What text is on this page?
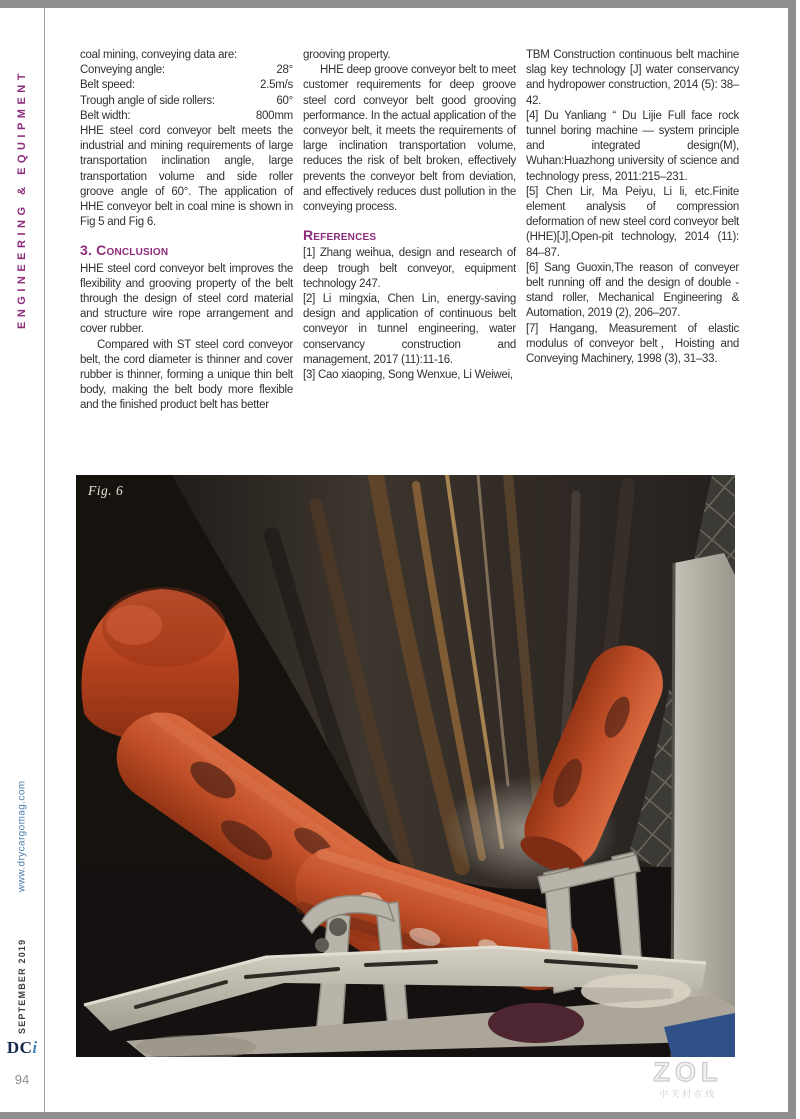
ENGINEERING & EQUIPMENT
www.drycargomag.com
SEPTEMBER 2019
DCi
94

coal mining, conveying data are:

Conveying angle:	28°
Belt speed:	2.5m/s
Trough angle of side rollers:	60°
Belt width:	800mm

HHE steel cord conveyor belt meets the industrial and mining requirements of large transportation inclination angle, large transportation volume and side roller groove angle of 60°. The application of HHE conveyor belt in coal mine is shown in Fig 5 and Fig 6.

3. Conclusion

HHE steel cord conveyor belt improves the flexibility and grooving property of the belt through the design of steel cord material and structure wire rope arrangement and cover rubber.

Compared with ST steel cord conveyor belt, the cord diameter is thinner and cover rubber is thinner, forming a unique thin belt body, making the belt body more flexible and the finished product belt has better

grooving property.

HHE deep groove conveyor belt to meet customer requirements for deep groove steel cord conveyor belt good grooving performance. In the actual application of the conveyor belt, it meets the requirements of large inclination transportation volume, reduces the risk of belt broken, effectively prevents the conveyor belt from deviation, and effectively reduces dust pollution in the conveying process.

References

[1] Zhang weihua, design and research of deep trough belt conveyor, equipment technology 247.

[2] Li mingxia, Chen Lin, energy-saving design and application of continuous belt conveyor in tunnel engineering, water conservancy construction and management, 2017 (11):11-16.

[3] Cao xiaoping, Song Wenxue, Li Weiwei,

TBM Construction continuous belt machine slag key technology [J] water conservancy and hydropower construction, 2014 (5): 38–42.

[4] Du Yanliang “ Du Lijie Full face rock tunnel boring machine — system principle and integrated design(M), Wuhan:Huazhong university of science and technology press, 2011:215–231.

[5] Chen Lir, Ma Peiyu, Li li, etc.Finite element analysis of compression deformation of new steel cord conveyor belt (HHE)[J],Open-pit technology, 2014 (11): 84–87.

[6] Sang Guoxin,The reason of conveyer belt running off and the design of double - stand roller, Mechanical Engineering & Automation, 2019 (2), 206–207.

[7] Hangang, Measurement of elastic modulus of conveyor belt，Hoisting and Conveying Machinery, 1998 (3), 31–33.

Fig. 6
ZOL
中关村在线
